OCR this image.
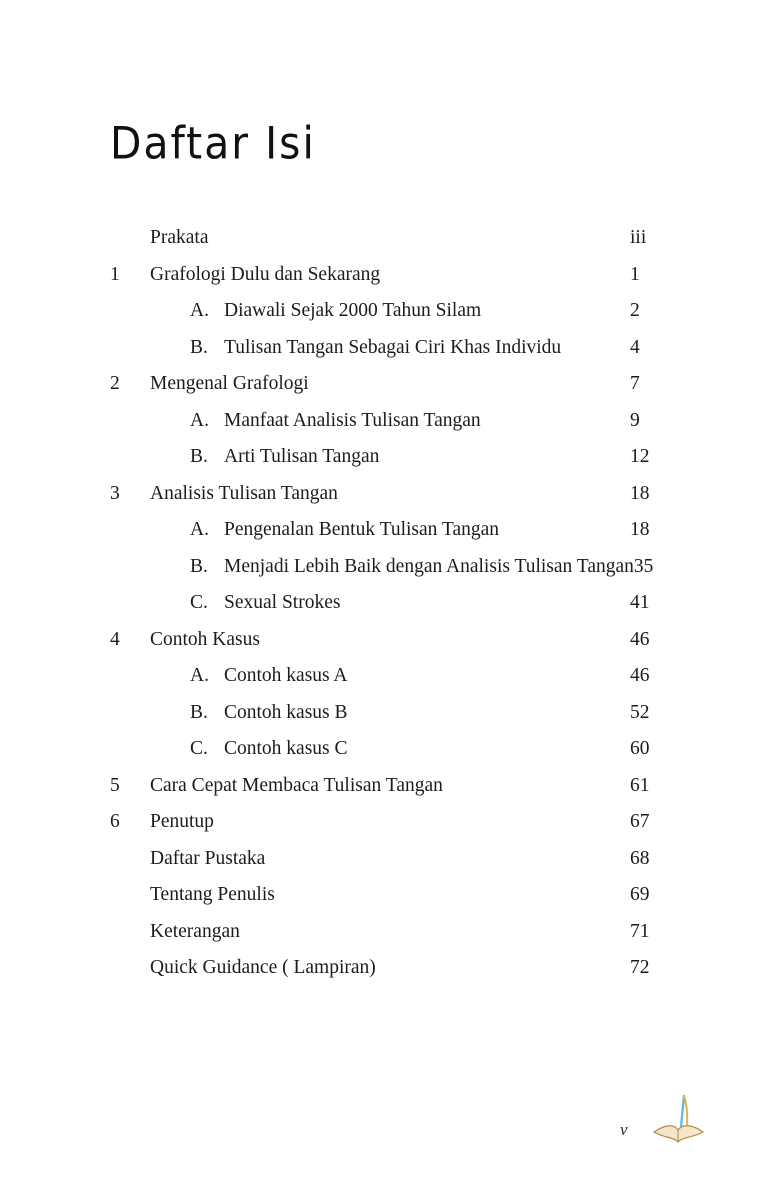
Daftar Isi
Prakata	iii
1	Grafologi Dulu dan Sekarang	1
A. Diawali Sejak 2000 Tahun Silam	2
B. Tulisan Tangan Sebagai Ciri Khas Individu	4
2	Mengenal Grafologi	7
A. Manfaat Analisis Tulisan Tangan	9
B. Arti Tulisan Tangan	12
3	Analisis Tulisan Tangan	18
A. Pengenalan Bentuk Tulisan Tangan	18
B. Menjadi Lebih Baik dengan Analisis Tulisan Tangan 35
C. Sexual Strokes	41
4	Contoh Kasus	46
A. Contoh kasus A	46
B. Contoh kasus B	52
C. Contoh kasus C	60
5	Cara Cepat Membaca Tulisan Tangan	61
6	Penutup	67
Daftar Pustaka	68
Tentang Penulis	69
Keterangan	71
Quick Guidance ( Lampiran)	72
v
